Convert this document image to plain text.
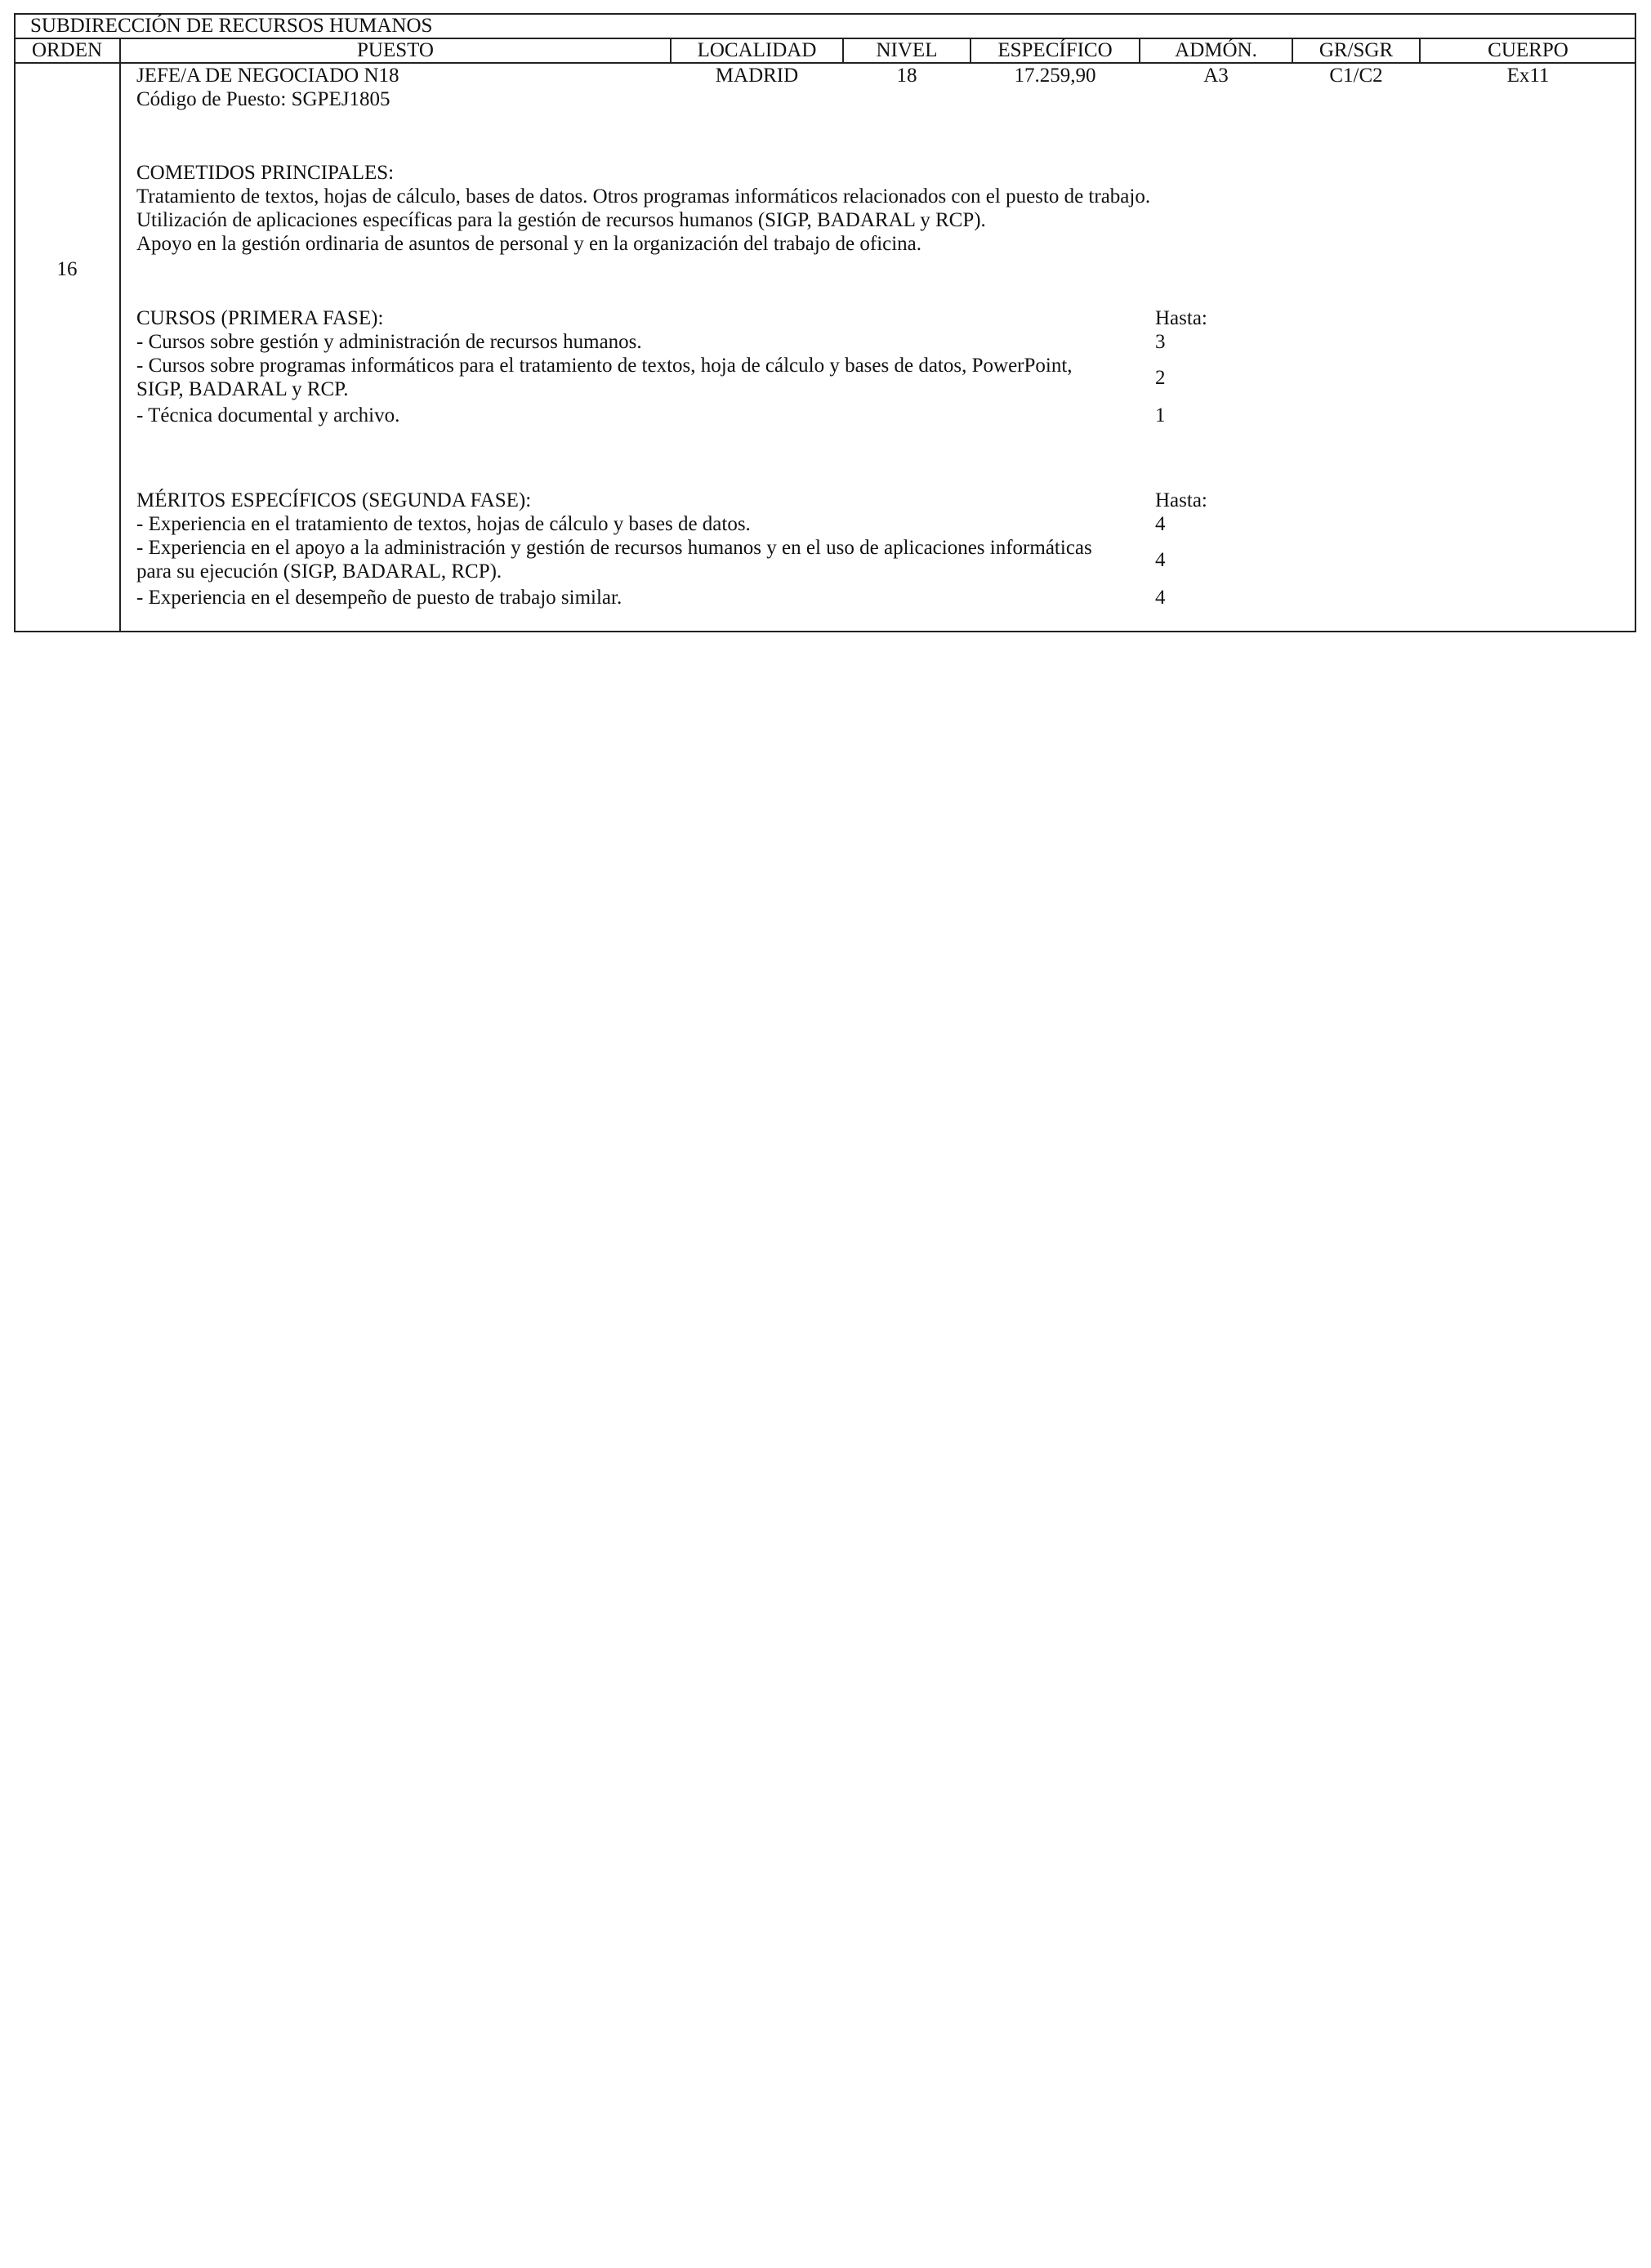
SUBDIRECCIÓN DE RECURSOS HUMANOS
ORDEN	PUESTO	LOCALIDAD	NIVEL	ESPECÍFICO	ADMÓN.	GR/SGR	CUERPO
16
JEFE/A DE NEGOCIADO N18
Código de Puesto: SGPEJ1805
MADRID	18	17.259,90	A3	C1/C2	Ex11
COMETIDOS PRINCIPALES:
Tratamiento de textos, hojas de cálculo, bases de datos. Otros programas informáticos relacionados con el puesto de trabajo.
Utilización de aplicaciones específicas para la gestión de recursos humanos (SIGP, BADARAL y RCP).
Apoyo en la gestión ordinaria de asuntos de personal y en la organización del trabajo de oficina.
CURSOS (PRIMERA FASE):	Hasta:
- Cursos sobre gestión y administración de recursos humanos.	3
- Cursos sobre programas informáticos para el tratamiento de textos, hoja de cálculo y bases de datos, PowerPoint,
SIGP, BADARAL y RCP.
2
- Técnica documental y archivo.	1
MÉRITOS ESPECÍFICOS (SEGUNDA FASE):	Hasta:
- Experiencia en el tratamiento de textos, hojas de cálculo y bases de datos.	4
- Experiencia en el apoyo a la administración y gestión de recursos humanos y en el uso de aplicaciones informáticas
para su ejecución (SIGP, BADARAL, RCP).
4
- Experiencia en el desempeño de puesto de trabajo similar.	4
